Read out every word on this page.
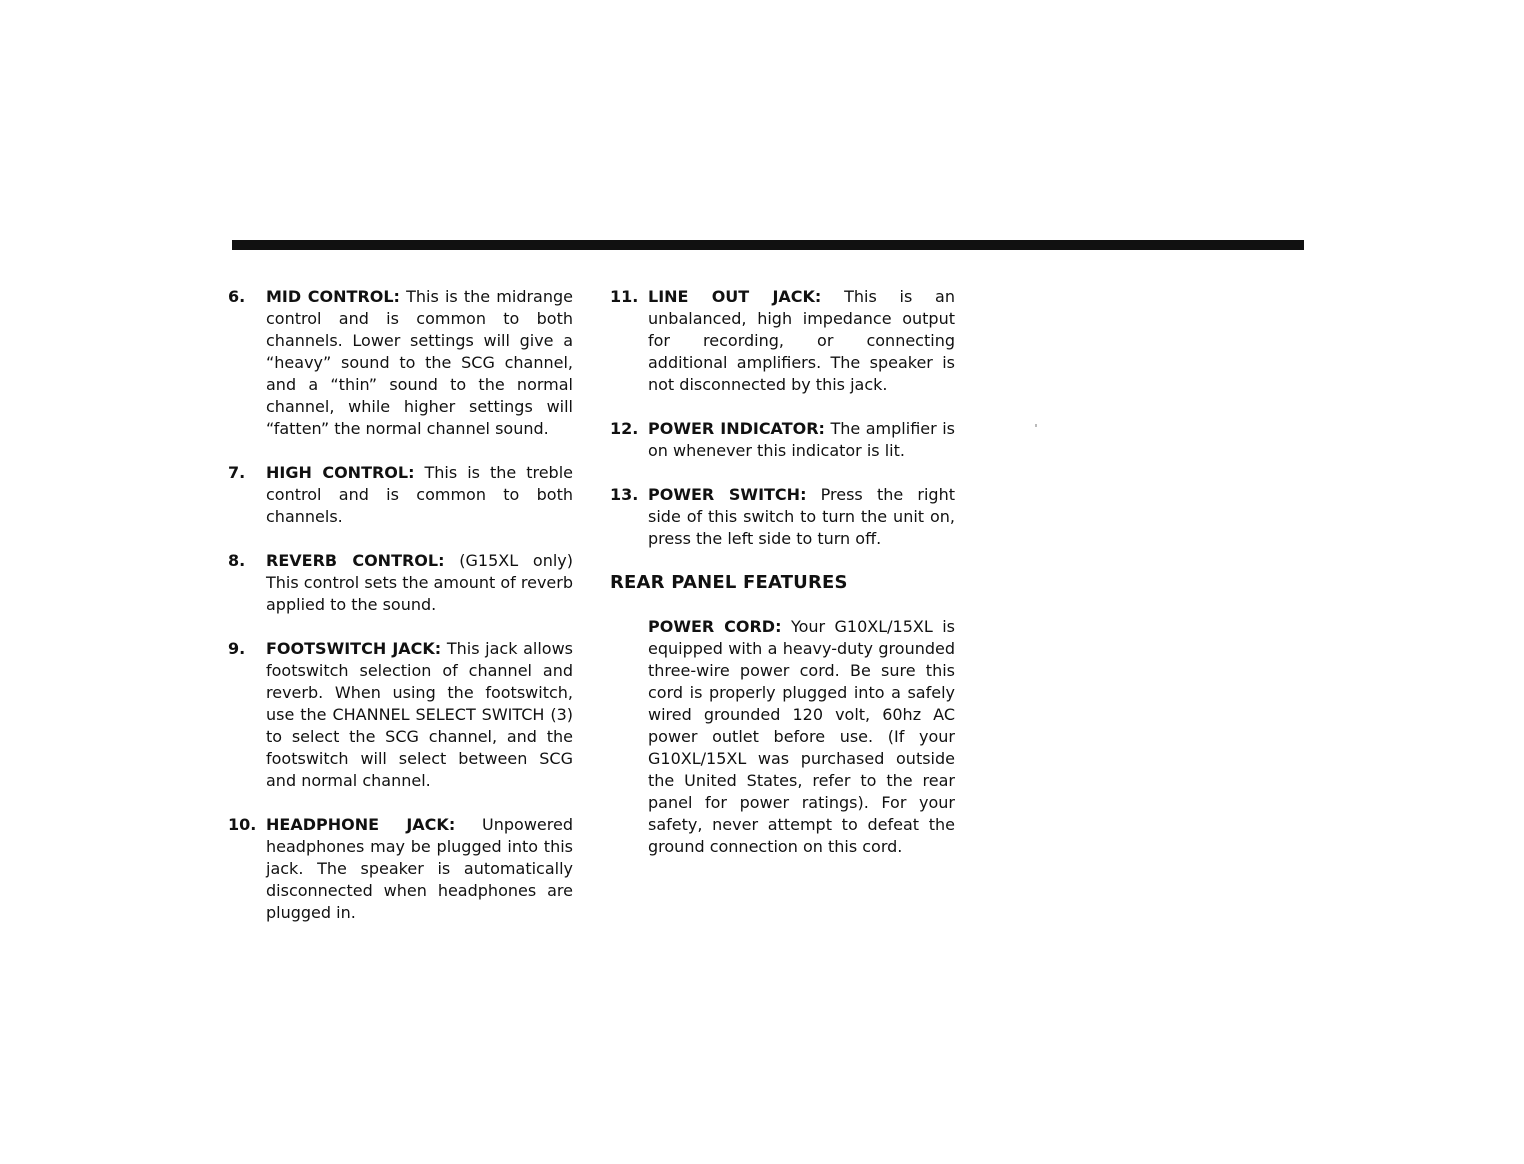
6.	MID CONTROL: This is the midrange control and is common to both channels. Lower settings will give a “heavy” sound to the SCG channel, and a “thin” sound to the normal channel, while higher settings will “fatten” the normal channel sound.
7.	HIGH CONTROL: This is the treble control and is common to both channels.
8.	REVERB CONTROL: (G15XL only) This control sets the amount of reverb applied to the sound.
9.	FOOTSWITCH JACK: This jack allows footswitch selection of channel and reverb. When using the footswitch, use the CHANNEL SELECT SWITCH (3) to select the SCG channel, and the footswitch will select between SCG and normal channel.
10. HEADPHONE JACK: Unpowered headphones may be plugged into this jack. The speaker is automatically disconnected when headphones are plugged in.
11. LINE OUT JACK: This is an unbalanced, high impedance output for recording, or connecting additional amplifiers. The speaker is not disconnected by this jack.
12. POWER INDICATOR: The amplifier is on whenever this indicator is lit.
13. POWER SWITCH: Press the right side of this switch to turn the unit on, press the left side to turn off.
REAR PANEL FEATURES
POWER CORD: Your G10XL/15XL is equipped with a heavy-duty grounded three-wire power cord. Be sure this cord is properly plugged into a safely wired grounded 120 volt, 60hz AC power outlet before use. (If your G10XL/15XL was purchased outside the United States, refer to the rear panel for power ratings). For your safety, never attempt to defeat the ground connection on this cord.
